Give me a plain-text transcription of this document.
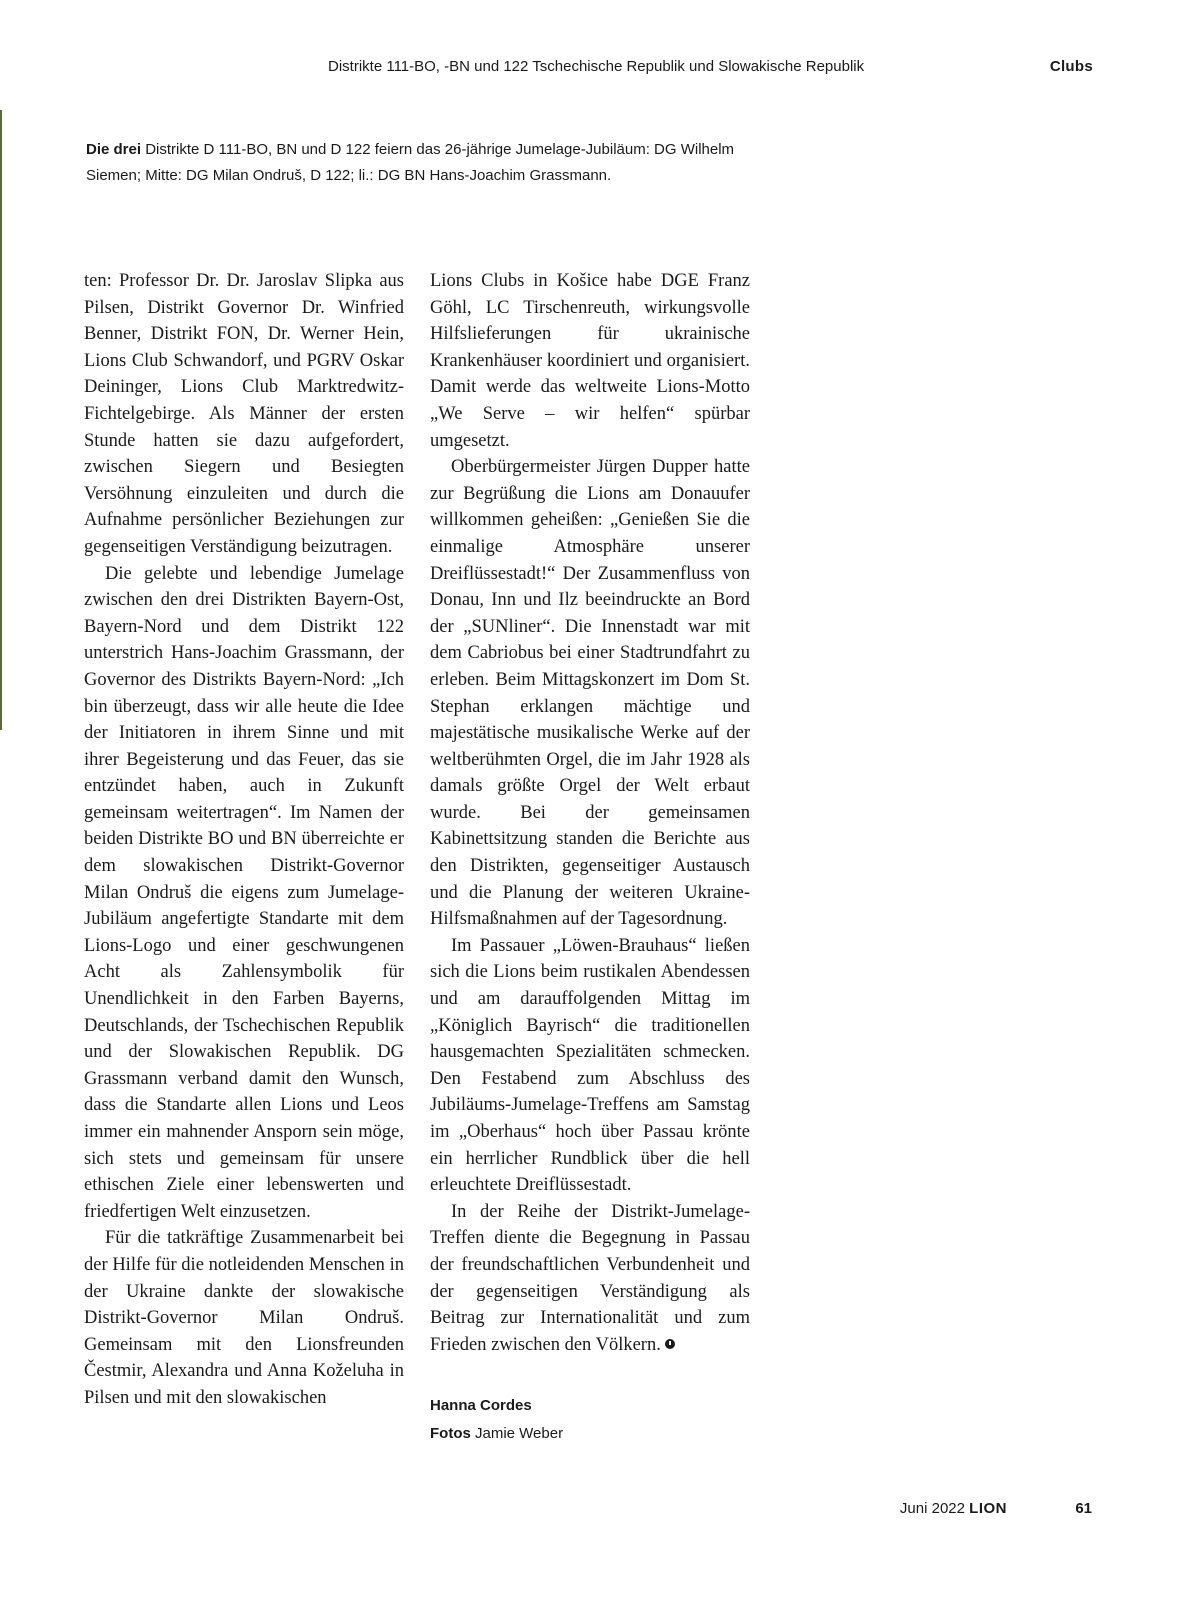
Distrikte 111-BO, -BN und 122 Tschechische Republik und Slowakische Republik	Clubs
Die drei Distrikte D 111-BO, BN und D 122 feiern das 26-jährige Jumelage-Jubiläum: DG Wilhelm Siemen; Mitte: DG Milan Ondruš, D 122; li.: DG BN Hans-Joachim Grassmann.

ten: Professor Dr. Dr. Jaroslav Slipka aus Pilsen, Distrikt Governor Dr. Winfried Benner, Distrikt FON, Dr. Werner Hein, Lions Club Schwandorf, und PGRV Oskar Deininger, Lions Club Marktredwitz-Fichtelgebirge. Als Männer der ersten Stunde hatten sie dazu aufgefordert, zwischen Siegern und Besiegten Versöhnung einzuleiten und durch die Aufnahme persönlicher Beziehungen zur gegenseitigen Verständigung beizutragen.

Die gelebte und lebendige Jumelage zwischen den drei Distrikten Bayern-Ost, Bayern-Nord und dem Distrikt 122 unterstrich Hans-Joachim Grassmann, der Governor des Distrikts Bayern-Nord: „Ich bin überzeugt, dass wir alle heute die Idee der Initiatoren in ihrem Sinne und mit ihrer Begeisterung und das Feuer, das sie entzündet haben, auch in Zukunft gemeinsam weitertragen“. Im Namen der beiden Distrikte BO und BN überreichte er dem slowakischen Distrikt-Governor Milan Ondruš die eigens zum Jumelage-Jubiläum angefertigte Standarte mit dem Lions-Logo und einer geschwungenen Acht als Zahlensymbolik für Unendlichkeit in den Farben Bayerns, Deutschlands, der Tschechischen Republik und der Slowakischen Republik. DG Grassmann verband damit den Wunsch, dass die Standarte allen Lions und Leos immer ein mahnender Ansporn sein möge, sich stets und gemeinsam für unsere ethischen Ziele einer lebenswerten und friedfertigen Welt einzusetzen.

Für die tatkräftige Zusammenarbeit bei der Hilfe für die notleidenden Menschen in der Ukraine dankte der slowakische Distrikt-Governor Milan Ondruš. Gemeinsam mit den Lionsfreunden Čestmir, Alexandra und Anna Koželuha in Pilsen und mit den slowakischen

Lions Clubs in Košice habe DGE Franz Göhl, LC Tirschenreuth, wirkungsvolle Hilfslieferungen für ukrainische Krankenhäuser koordiniert und organisiert. Damit werde das weltweite Lions-Motto „We Serve – wir helfen“ spürbar umgesetzt.

Oberbürgermeister Jürgen Dupper hatte zur Begrüßung die Lions am Donauufer willkommen geheißen: „Genießen Sie die einmalige Atmosphäre unserer Dreiflüssestadt!“ Der Zusammenfluss von Donau, Inn und Ilz beeindruckte an Bord der „SUNliner“. Die Innenstadt war mit dem Cabriobus bei einer Stadtrundfahrt zu erleben. Beim Mittagskonzert im Dom St. Stephan erklangen mächtige und majestätische musikalische Werke auf der weltberühmten Orgel, die im Jahr 1928 als damals größte Orgel der Welt erbaut wurde. Bei der gemeinsamen Kabinettsitzung standen die Berichte aus den Distrikten, gegenseitiger Austausch und die Planung der weiteren Ukraine-Hilfsmaßnahmen auf der Tagesordnung.

Im Passauer „Löwen-Brauhaus“ ließen sich die Lions beim rustikalen Abendessen und am darauffolgenden Mittag im „Königlich Bayrisch“ die traditionellen hausgemachten Spezialitäten schmecken. Den Festabend zum Abschluss des Jubiläums-Jumelage-Treffens am Samstag im „Oberhaus“ hoch über Passau krönte ein herrlicher Rundblick über die hell erleuchtete Dreiflüssestadt.

In der Reihe der Distrikt-Jumelage-Treffen diente die Begegnung in Passau der freundschaftlichen Verbundenheit und der gegenseitigen Verständigung als Beitrag zur Internationalität und zum Frieden zwischen den Völkern.

Hanna Cordes
Fotos Jamie Weber
Juni 2022 LION	61
